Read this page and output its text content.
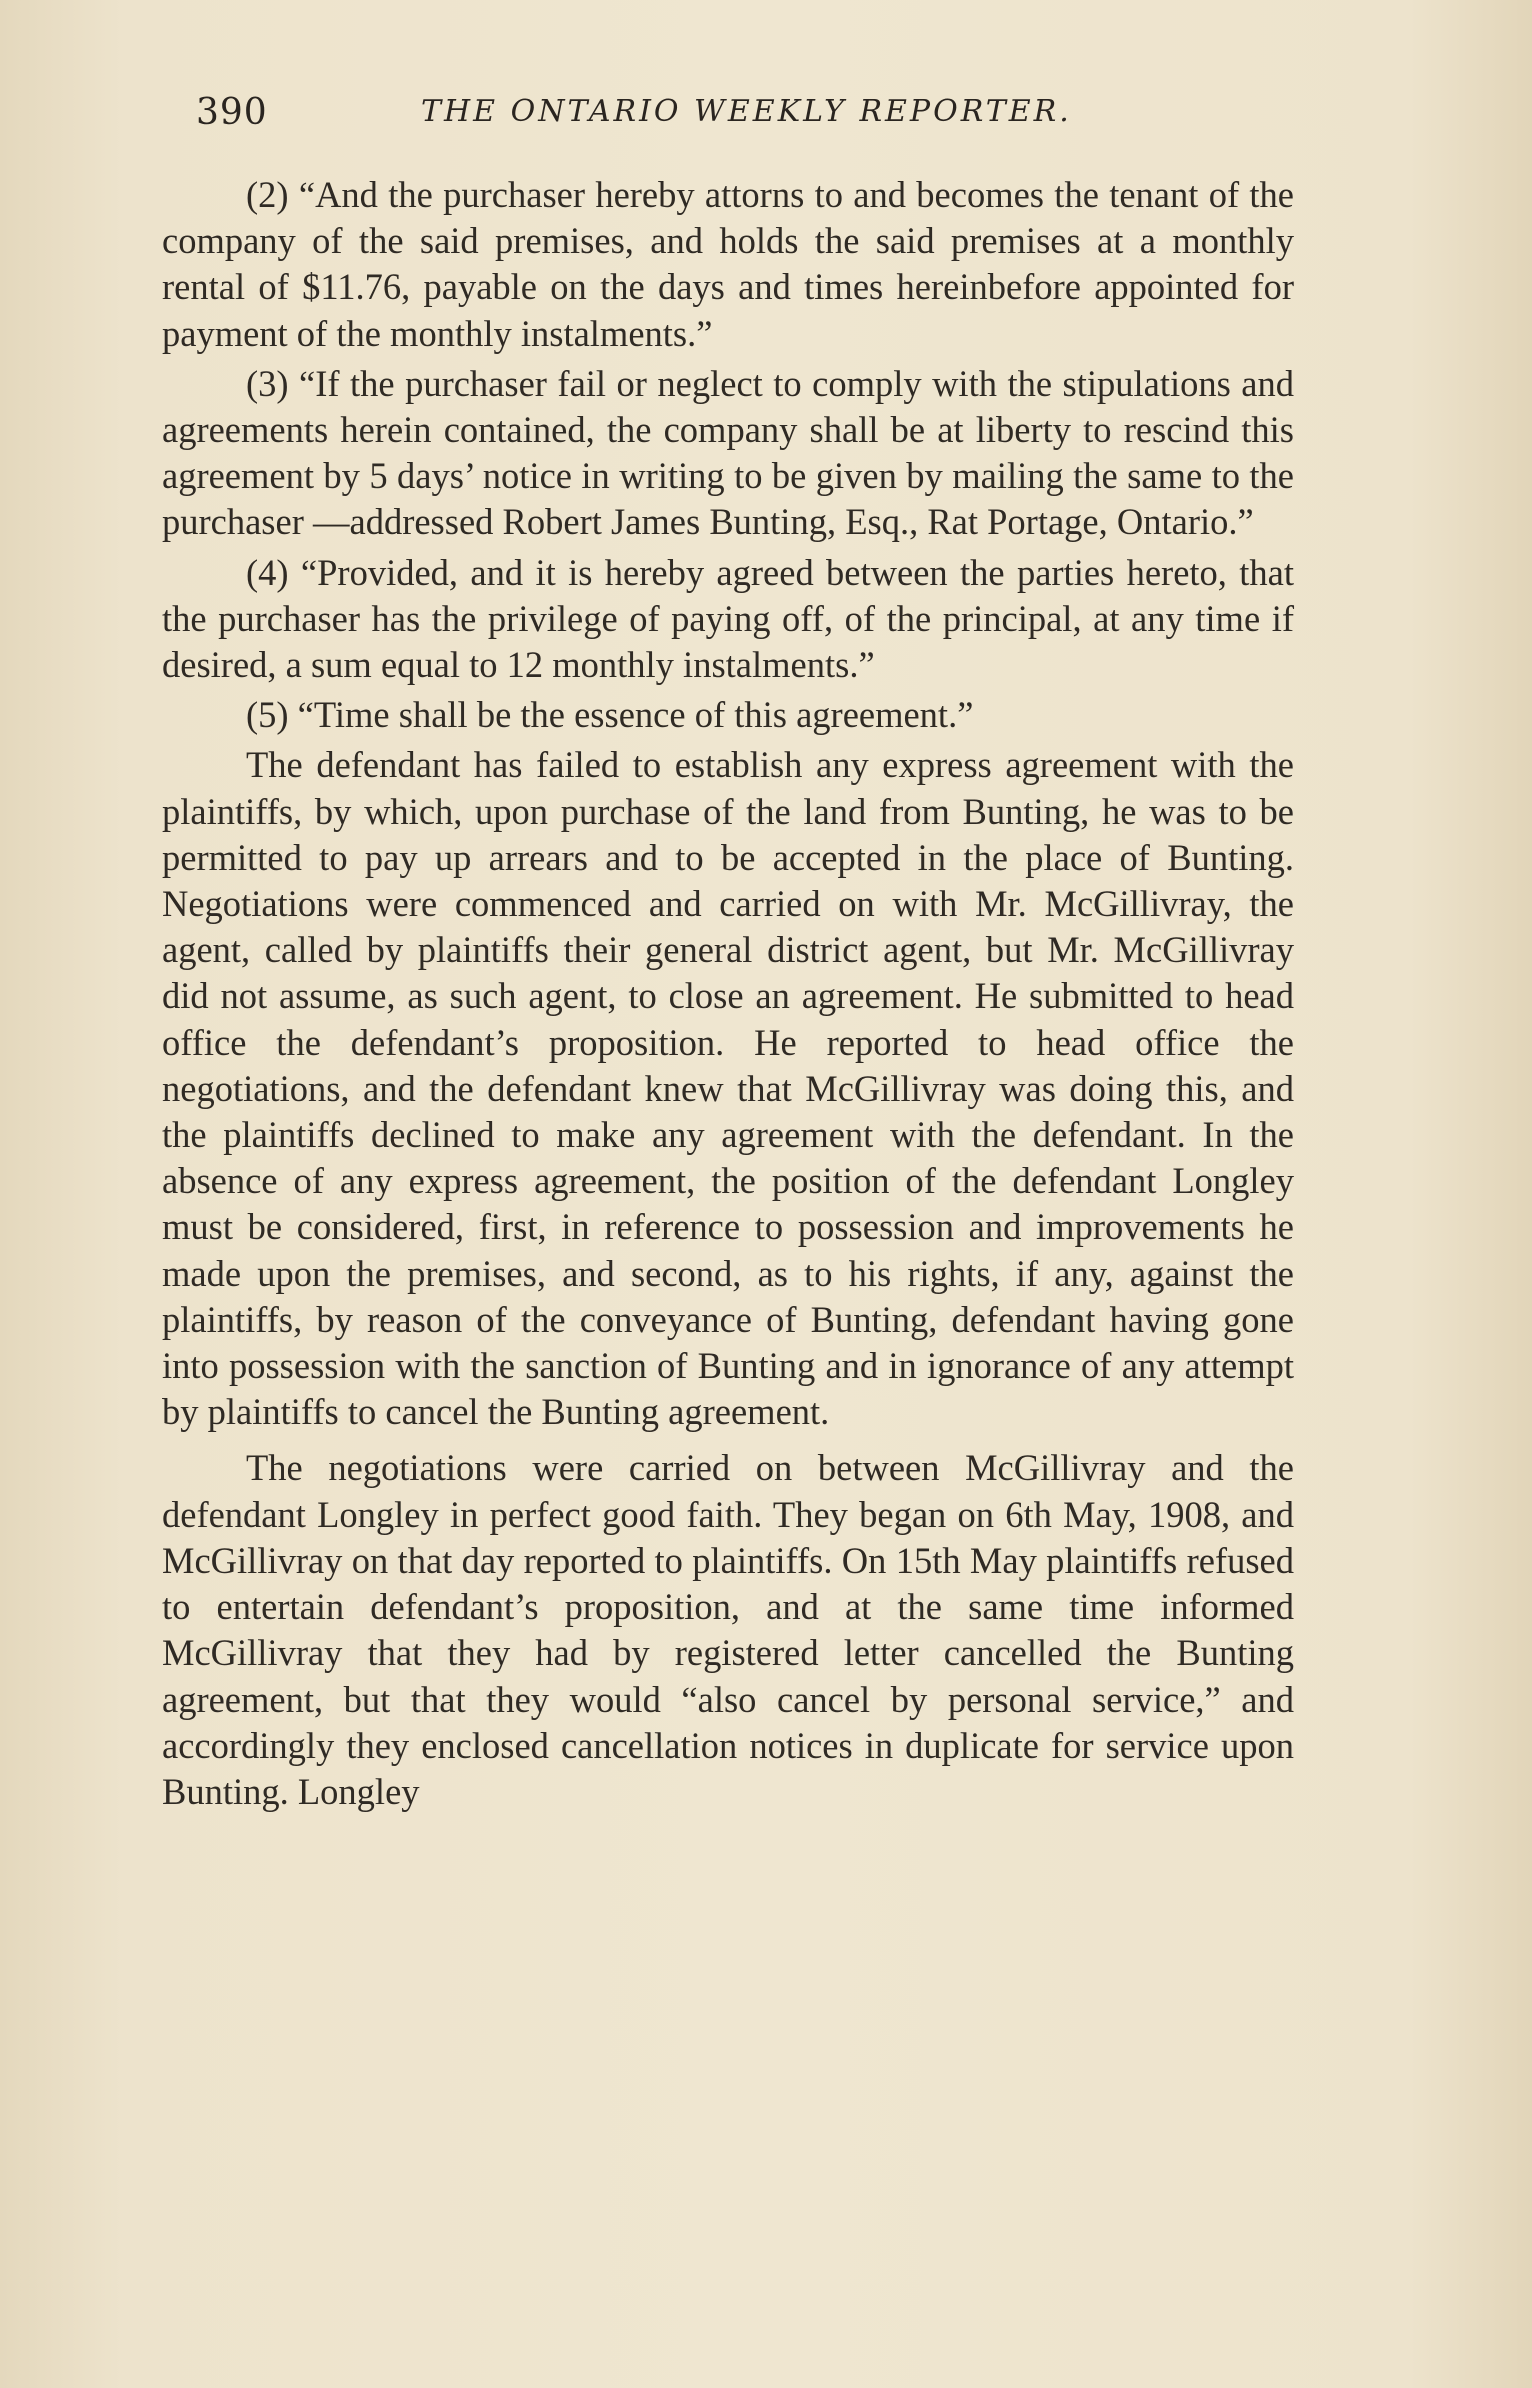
390	THE ONTARIO WEEKLY REPORTER.

(2) “And the purchaser hereby attorns to and becomes the tenant of the company of the said premises, and holds the said premises at a monthly rental of $11.76, payable on the days and times hereinbefore appointed for payment of the monthly instalments.”

(3) “If the purchaser fail or neglect to comply with the stipulations and agreements herein contained, the company shall be at liberty to rescind this agreement by 5 days’ notice in writing to be given by mailing the same to the purchaser —addressed Robert James Bunting, Esq., Rat Portage, Ontario.”

(4) “Provided, and it is hereby agreed between the parties hereto, that the purchaser has the privilege of paying off, of the principal, at any time if desired, a sum equal to 12 monthly instalments.”

(5) “Time shall be the essence of this agreement.”

The defendant has failed to establish any express agreement with the plaintiffs, by which, upon purchase of the land from Bunting, he was to be permitted to pay up arrears and to be accepted in the place of Bunting. Negotiations were commenced and carried on with Mr. McGillivray, the agent, called by plaintiffs their general district agent, but Mr. McGillivray did not assume, as such agent, to close an agreement. He submitted to head office the defendant’s proposition. He reported to head office the negotiations, and the defendant knew that McGillivray was doing this, and the plaintiffs declined to make any agreement with the defendant. In the absence of any express agreement, the position of the defendant Longley must be considered, first, in reference to possession and improvements he made upon the premises, and second, as to his rights, if any, against the plaintiffs, by reason of the conveyance of Bunting, defendant having gone into possession with the sanction of Bunting and in ignorance of any attempt by plaintiffs to cancel the Bunting agreement.

The negotiations were carried on between McGillivray and the defendant Longley in perfect good faith. They began on 6th May, 1908, and McGillivray on that day reported to plaintiffs. On 15th May plaintiffs refused to entertain defendant’s proposition, and at the same time informed McGillivray that they had by registered letter cancelled the Bunting agreement, but that they would “also cancel by personal service,” and accordingly they enclosed cancellation notices in duplicate for service upon Bunting. Longley
